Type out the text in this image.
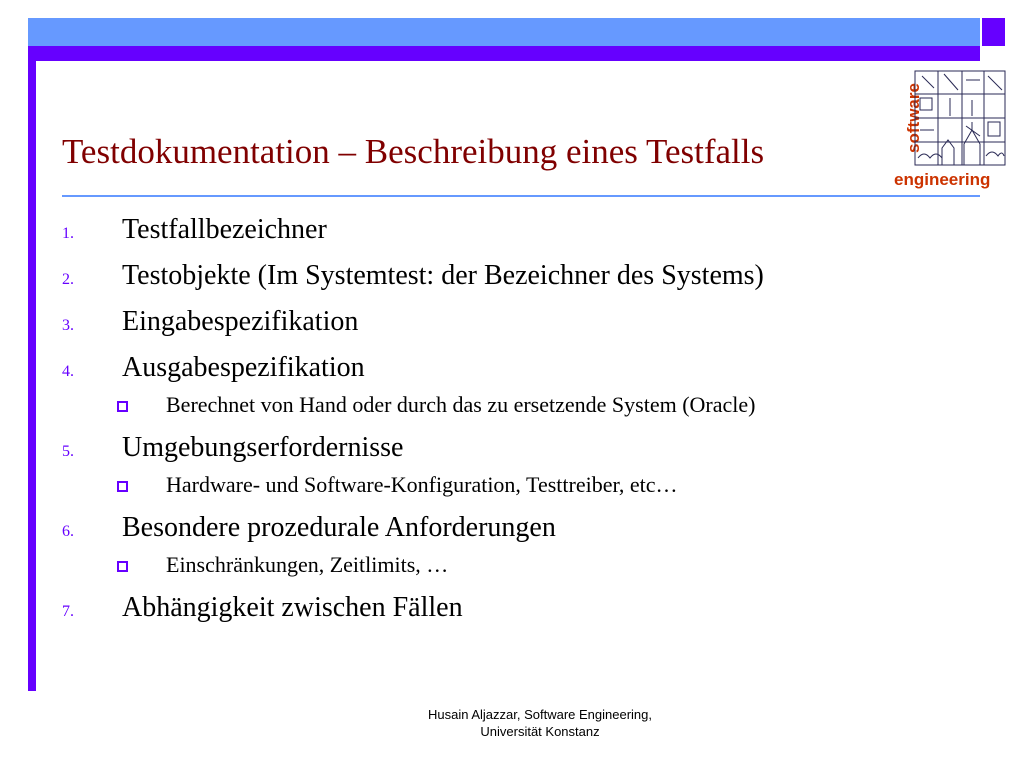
Testdokumentation – Beschreibung eines Testfalls	software
engineering
1.	Testfallbezeichner
2.	Testobjekte (Im Systemtest: der Bezeichner des Systems)
3.	Eingabespezifikation
4.	Ausgabespezifikation
Berechnet von Hand oder durch das zu ersetzende System (Oracle)
5.	Umgebungserfordernisse
Hardware- und Software-Konfiguration, Testtreiber, etc…
6.	Besondere prozedurale Anforderungen
Einschränkungen, Zeitlimits, …
7.	Abhängigkeit zwischen Fällen
Husain Aljazzar, Software Engineering,
Universität Konstanz
